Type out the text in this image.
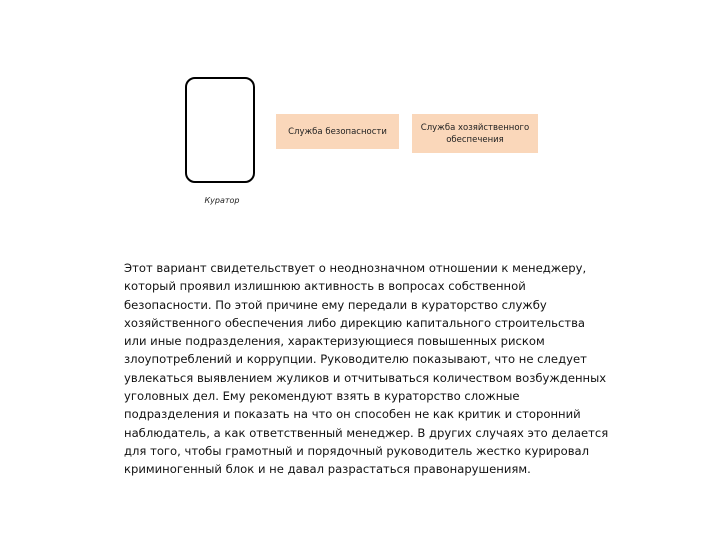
Куратор
Служба безопасности	Служба хозяйственного обеспечения

Этот вариант свидетельствует о неоднозначном отношении к менеджеру, который проявил излишнюю активность в вопросах собственной безопасности. По этой причине ему передали в кураторство службу хозяйственного обеспечения либо дирекцию капитального строительства или иные подразделения, характеризующиеся повышенных риском злоупотреблений и коррупции. Руководителю показывают, что не следует увлекаться выявлением жуликов и отчитываться количеством возбужденных уголовных дел. Ему рекомендуют взять в кураторство сложные подразделения и показать на что он способен не как критик и сторонний наблюдатель, а как ответственный менеджер. В других случаях это делается для того, чтобы грамотный и порядочный руководитель жестко курировал криминогенный блок и не давал разрастаться правонарушениям.
